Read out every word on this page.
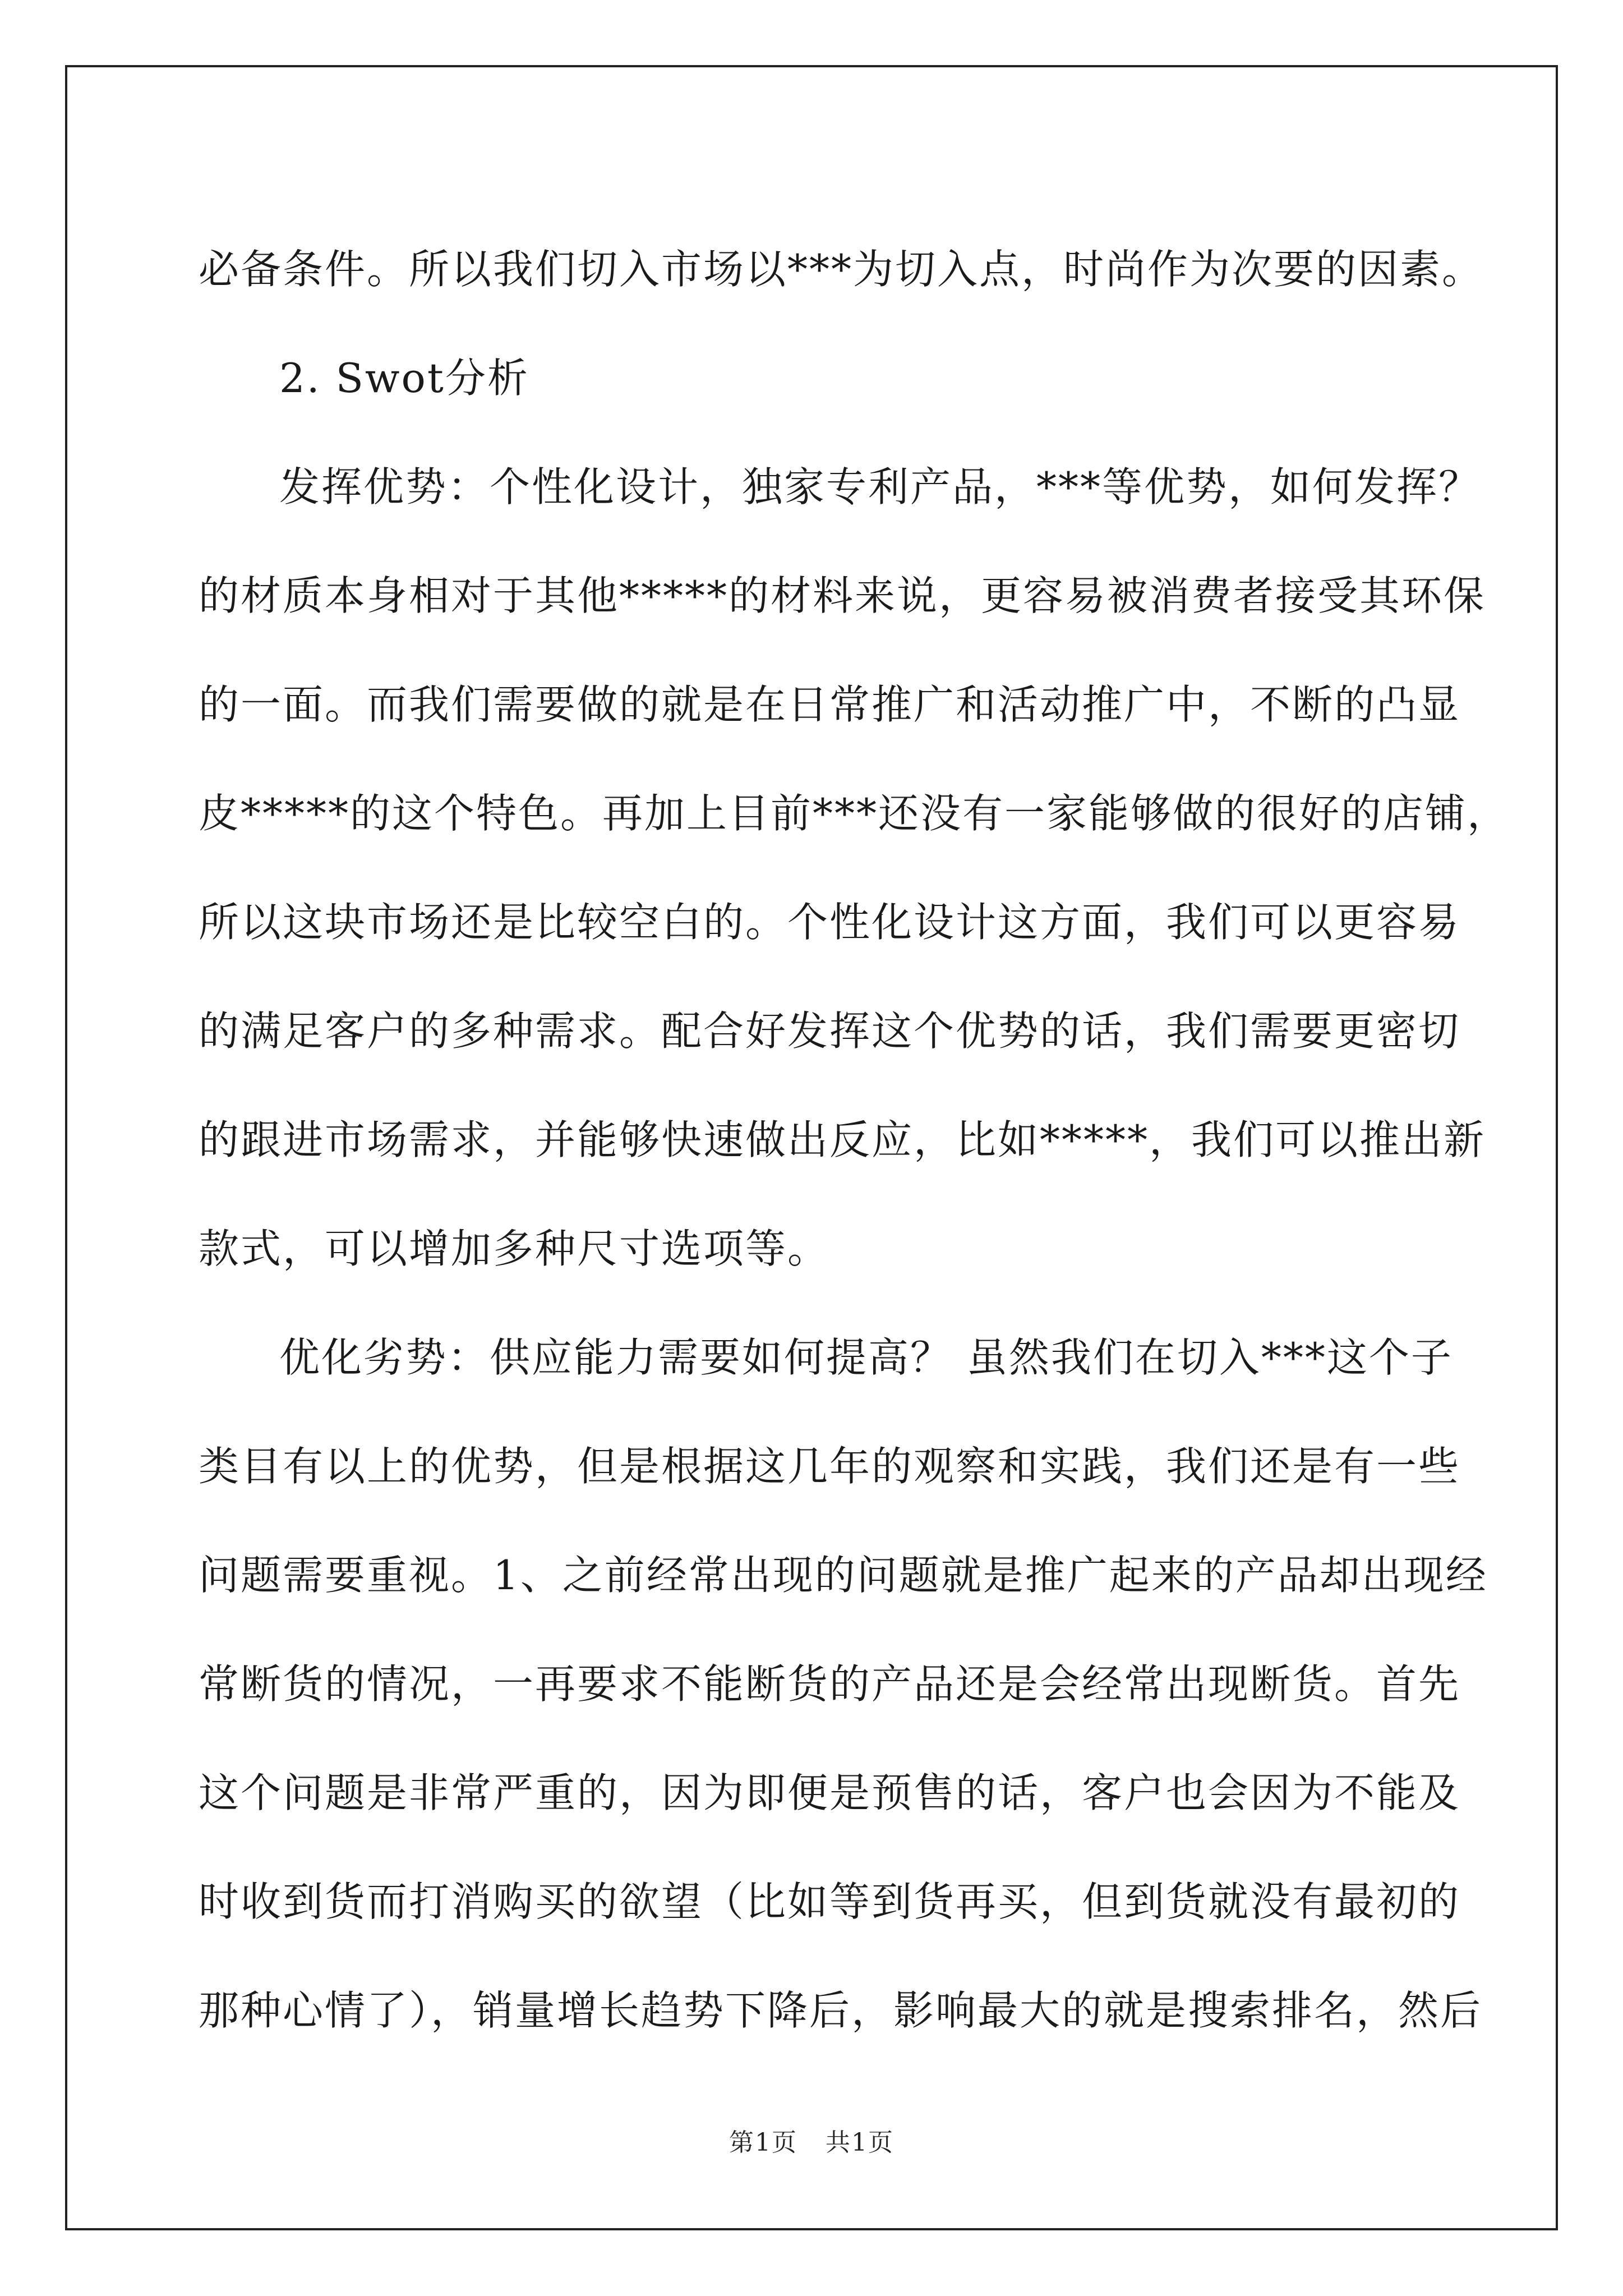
必备条件。所以我们切入市场以***为切入点，时尚作为次要的因素。
2. Swot分析
发挥优势：个性化设计，独家专利产品，***等优势，如何发挥？
的材质本身相对于其他*****的材料来说，更容易被消费者接受其环保
的一面。而我们需要做的就是在日常推广和活动推广中，不断的凸显
皮*****的这个特色。再加上目前***还没有一家能够做的很好的店铺，
所以这块市场还是比较空白的。个性化设计这方面，我们可以更容易
的满足客户的多种需求。配合好发挥这个优势的话，我们需要更密切
的跟进市场需求，并能够快速做出反应，比如*****，我们可以推出新
款式，可以增加多种尺寸选项等。
优化劣势：供应能力需要如何提高？ 虽然我们在切入***这个子
类目有以上的优势，但是根据这几年的观察和实践，我们还是有一些
问题需要重视。1、之前经常出现的问题就是推广起来的产品却出现经
常断货的情况，一再要求不能断货的产品还是会经常出现断货。首先
这个问题是非常严重的，因为即便是预售的话，客户也会因为不能及
时收到货而打消购买的欲望（比如等到货再买，但到货就没有最初的
那种心情了），销量增长趋势下降后，影响最大的就是搜索排名，然后
第1页 共1页
